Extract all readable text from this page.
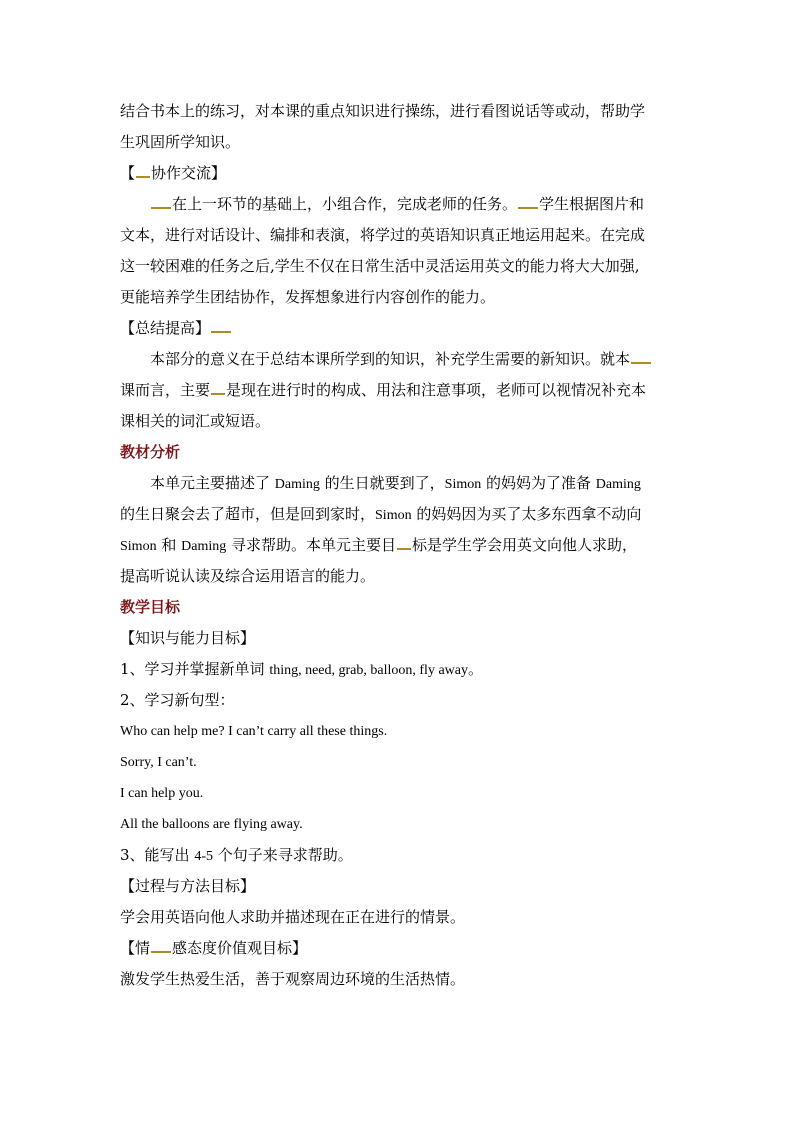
结合书本上的练习，对本课的重点知识进行操练，进行看图说话等或动，帮助学
生巩固所学知识。
【 协作交流】
在上一环节的基础上，小组合作，完成老师的任务。 学生根据图片和
文本，进行对话设计、编排和表演，将学过的英语知识真正地运用起来。在完成
这一较困难的任务之后,学生不仅在日常生活中灵活运用英文的能力将大大加强,
更能培养学生团结协作，发挥想象进行内容创作的能力。
【总结提高】
本部分的意义在于总结本课所学到的知识，补充学生需要的新知识。就本
课而言，主要 是现在进行时的构成、用法和注意事项，老师可以视情况补充本
课相关的词汇或短语。
教材分析
本单元主要描述了 Daming 的生日就要到了，Simon 的妈妈为了准备 Daming
的生日聚会去了超市，但是回到家时，Simon 的妈妈因为买了太多东西拿不动向
Simon 和 Daming 寻求帮助。本单元主要目 标是学生学会用英文向他人求助，
提高听说认读及综合运用语言的能力。
教学目标
【知识与能力目标】
1、学习并掌握新单词 thing, need, grab, balloon, fly away。
2、学习新句型：
Who can help me? I can’t carry all these things.
Sorry, I can’t.
I can help you.
All the balloons are flying away.
3、能写出 4-5 个句子来寻求帮助。
【过程与方法目标】
学会用英语向他人求助并描述现在正在进行的情景。
【情 感态度价值观目标】
激发学生热爱生活，善于观察周边环境的生活热情。
